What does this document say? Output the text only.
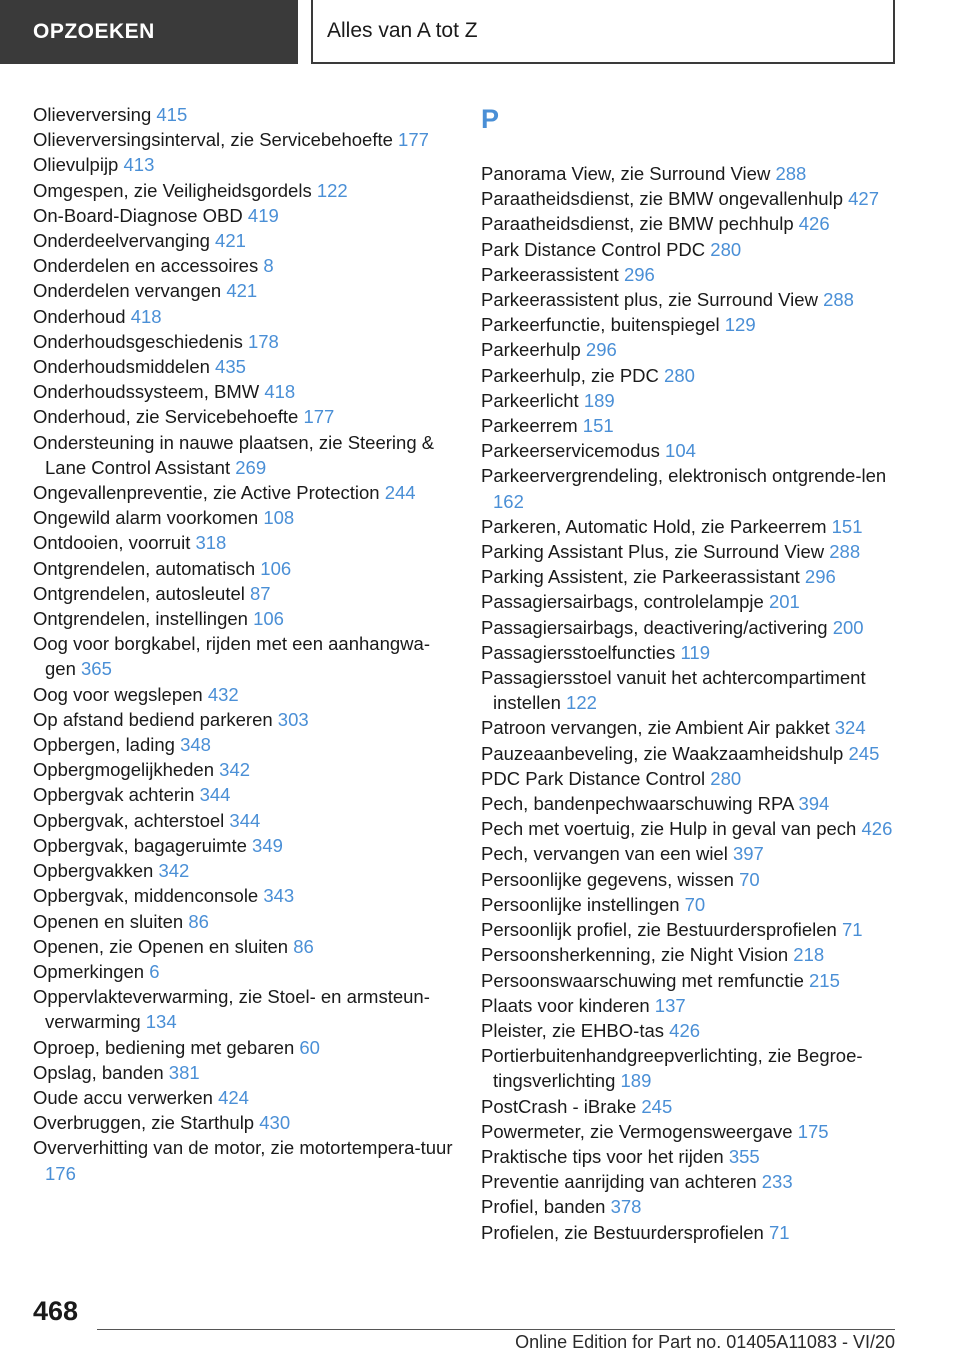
OPZOEKEN	Alles van A tot Z
Olieverversing 415
Olieverversingsinterval, zie Servicebehoefte 177
Olievulpijp 413
Omgespen, zie Veiligheidsgordels 122
On-Board-Diagnose OBD 419
Onderdeelvervanging 421
Onderdelen en accessoires 8
Onderdelen vervangen 421
Onderhoud 418
Onderhoudsgeschiedenis 178
Onderhoudsmiddelen 435
Onderhoudssysteem, BMW 418
Onderhoud, zie Servicebehoefte 177
Ondersteuning in nauwe plaatsen, zie Steering & Lane Control Assistant 269
Ongevallenpreventie, zie Active Protection 244
Ongewild alarm voorkomen 108
Ontdooien, voorruit 318
Ontgrendelen, automatisch 106
Ontgrendelen, autosleutel 87
Ontgrendelen, instellingen 106
Oog voor borgkabel, rijden met een aanhangwa-gen 365
Oog voor wegslepen 432
Op afstand bediend parkeren 303
Opbergen, lading 348
Opbergmogelijkheden 342
Opbergvak achterin 344
Opbergvak, achterstoel 344
Opbergvak, bagageruimte 349
Opbergvakken 342
Opbergvak, middenconsole 343
Openen en sluiten 86
Openen, zie Openen en sluiten 86
Opmerkingen 6
Oppervlakteverwarming, zie Stoel- en armsteun-verwarming 134
Oproep, bediening met gebaren 60
Opslag, banden 381
Oude accu verwerken 424
Overbruggen, zie Starthulp 430
Oververhitting van de motor, zie motortempera-tuur 176
P
Panorama View, zie Surround View 288
Paraatheidsdienst, zie BMW ongevallenhulp 427
Paraatheidsdienst, zie BMW pechhulp 426
Park Distance Control PDC 280
Parkeerassistent 296
Parkeerassistent plus, zie Surround View 288
Parkeerfunctie, buitenspiegel 129
Parkeerhulp 296
Parkeerhulp, zie PDC 280
Parkeerlicht 189
Parkeerrem 151
Parkeerservicemodus 104
Parkeervergrendeling, elektronisch ontgrende-len 162
Parkeren, Automatic Hold, zie Parkeerrem 151
Parking Assistant Plus, zie Surround View 288
Parking Assistent, zie Parkeerassistant 296
Passagiersairbags, controlelampje 201
Passagiersairbags, deactivering/activering 200
Passagiersstoelfuncties 119
Passagiersstoel vanuit het achtercompartiment instellen 122
Patroon vervangen, zie Ambient Air pakket 324
Pauzeaanbeveling, zie Waakzaamheidshulp 245
PDC Park Distance Control 280
Pech, bandenpechwaarschuwing RPA 394
Pech met voertuig, zie Hulp in geval van pech 426
Pech, vervangen van een wiel 397
Persoonlijke gegevens, wissen 70
Persoonlijke instellingen 70
Persoonlijk profiel, zie Bestuurdersprofielen 71
Persoonsherkenning, zie Night Vision 218
Persoonswaarschuwing met remfunctie 215
Plaats voor kinderen 137
Pleister, zie EHBO-tas 426
Portierbuitenhandgreepverlichting, zie Begroe-tingsverlichting 189
PostCrash - iBrake 245
Powermeter, zie Vermogensweergave 175
Praktische tips voor het rijden 355
Preventie aanrijding van achteren 233
Profiel, banden 378
Profielen, zie Bestuurdersprofielen 71
468
Online Edition for Part no. 01405A11083 - VI/20
